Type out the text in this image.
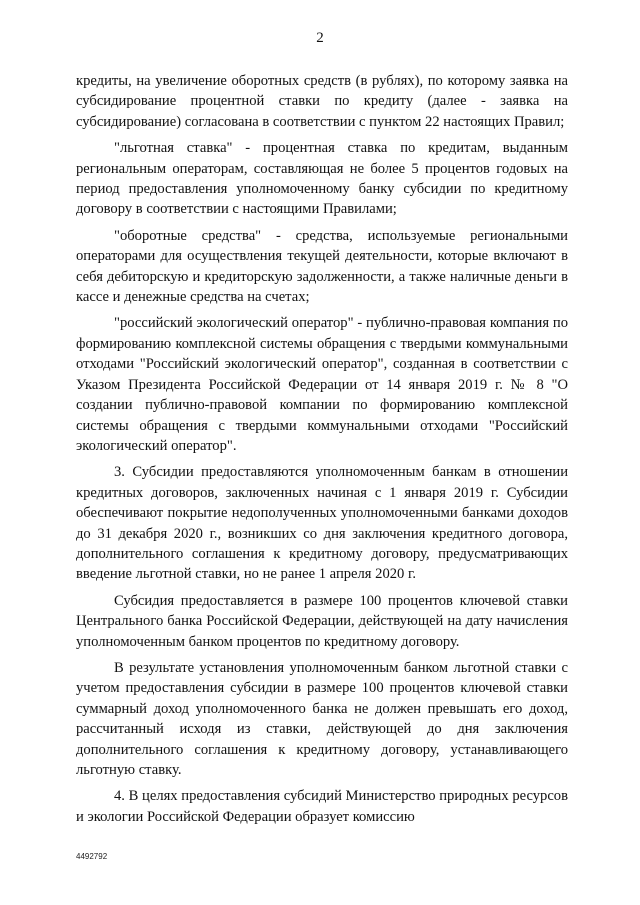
2

кредиты, на увеличение оборотных средств (в рублях), по которому заявка на субсидирование процентной ставки по кредиту (далее - заявка на субсидирование) согласована в соответствии с пунктом 22 настоящих Правил;

"льготная ставка" - процентная ставка по кредитам, выданным региональным операторам, составляющая не более 5 процентов годовых на период предоставления уполномоченному банку субсидии по кредитному договору в соответствии с настоящими Правилами;

"оборотные средства" - средства, используемые региональными операторами для осуществления текущей деятельности, которые включают в себя дебиторскую и кредиторскую задолженности, а также наличные деньги в кассе и денежные средства на счетах;

"российский экологический оператор" - публично-правовая компания по формированию комплексной системы обращения с твердыми коммунальными отходами "Российский экологический оператор", созданная в соответствии с Указом Президента Российской Федерации от 14 января 2019 г. № 8 "О создании публично-правовой компании по формированию комплексной системы обращения с твердыми коммунальными отходами "Российский экологический оператор".

3. Субсидии предоставляются уполномоченным банкам в отношении кредитных договоров, заключенных начиная с 1 января 2019 г. Субсидии обеспечивают покрытие недополученных уполномоченными банками доходов до 31 декабря 2020 г., возникших со дня заключения кредитного договора, дополнительного соглашения к кредитному договору, предусматривающих введение льготной ставки, но не ранее 1 апреля 2020 г.

Субсидия предоставляется в размере 100 процентов ключевой ставки Центрального банка Российской Федерации, действующей на дату начисления уполномоченным банком процентов по кредитному договору.

В результате установления уполномоченным банком льготной ставки с учетом предоставления субсидии в размере 100 процентов ключевой ставки суммарный доход уполномоченного банка не должен превышать его доход, рассчитанный исходя из ставки, действующей до дня заключения дополнительного соглашения к кредитному договору, устанавливающего льготную ставку.

4. В целях предоставления субсидий Министерство природных ресурсов и экологии Российской Федерации образует комиссию

4492792
